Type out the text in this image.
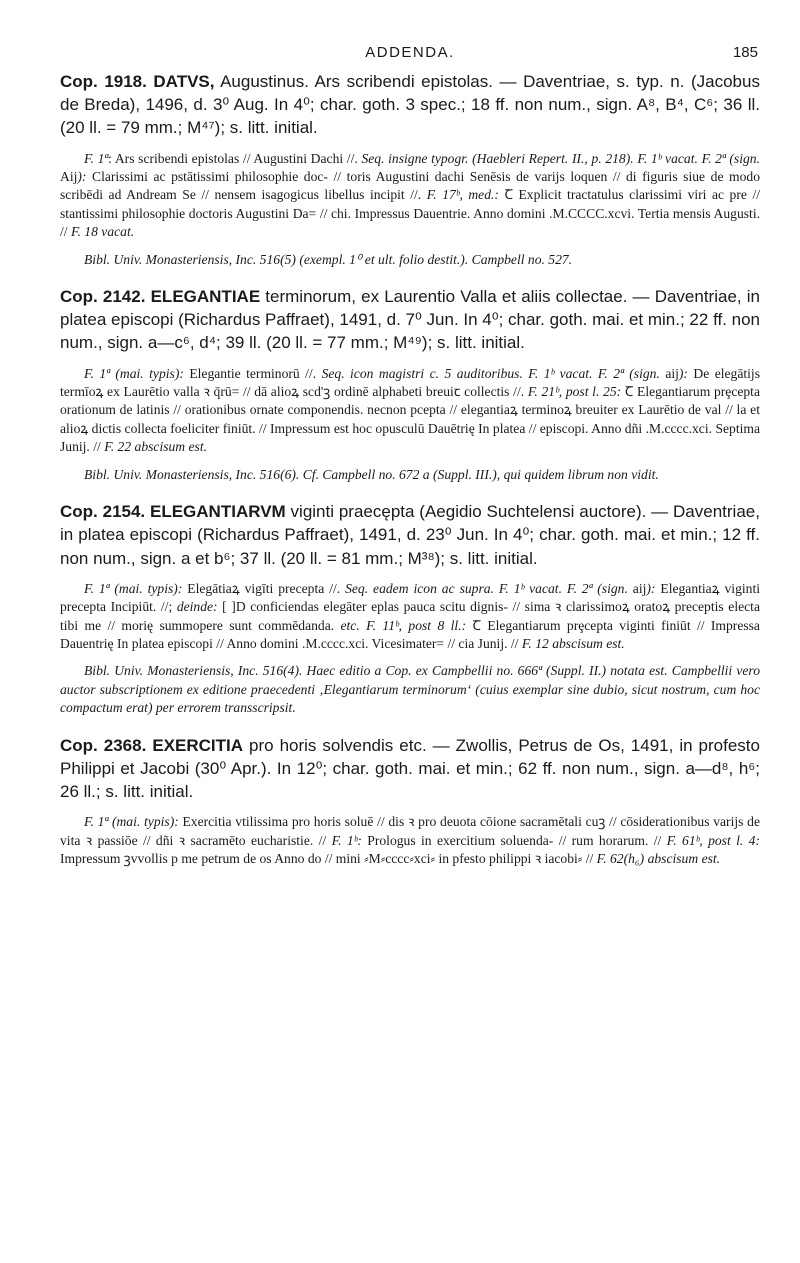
ADDENDA.	185

Cop. 1918. DATVS, Augustinus. Ars scribendi epistolas. — Daventriae, s. typ. n. (Jacobus de Breda), 1496, d. 3⁰ Aug. In 4⁰; char. goth. 3 spec.; 18 ff. non num., sign. A⁸, B⁴, C⁶; 36 ll. (20 ll. = 79 mm.; M⁴⁷); s. litt. initial.

F. 1ª: Ars scribendi epistolas // Augustini Dachi //. Seq. insigne typogr. (Haebleri Repert. II., p. 218). F. 1ᵇ vacat. F. 2ª (sign. Aij): Clarissimi ac pstātissimi philosophie doc- // toris Augustini dachi Senēsis de varijs loquen // di figuris siue de modo scribēdi ad Andream Se // nensem isagogicus libellus incipit //. F. 17ᵇ, med.: Ꞇ Explicit tractatulus clarissimi viri ac pre // stantissimi philosophie doctoris Augustini Da= // chi. Impressus Dauentrie. Anno domini .M.CCCC.xcvi. Tertia mensis Augusti. // F. 18 vacat.

Bibl. Univ. Monasteriensis, Inc. 516(5) (exempl. 1⁰ et ult. folio destit.). Campbell no. 527.

Cop. 2142. ELEGANTIAE terminorum, ex Laurentio Valla et aliis collectae. — Daventriae, in platea episcopi (Richardus Paffraet), 1491, d. 7⁰ Jun. In 4⁰; char. goth. mai. et min.; 22 ff. non num., sign. a—c⁶, d⁴; 39 ll. (20 ll. = 77 mm.; M⁴⁹); s. litt. initial.

F. 1ª (mai. typis): Elegantie terminorū //. Seq. icon magistri c. 5 auditoribus. F. 1ᵇ vacat. F. 2ª (sign. aij): De elegātijs termīoꝝ ex Laurētio valla ꝛ q̄rū= // dā alioꝝ scd'ꝫ ordinē alphabeti breuiꞇ collectis //. F. 21ᵇ, post l. 25: Ꞇ Elegantiarum prȩcepta orationum de latinis // orationibus ornate componendis. necnon pcepta // elegantiaꝝ terminoꝝ breuiter ex Laurētio de val // la et alioꝝ dictis collecta foeliciter finiūt. // Impressum est hoc opusculū Dauētrię In platea // episcopi. Anno dñi .M.cccc.xci. Septima Junij. // F. 22 abscisum est.

Bibl. Univ. Monasteriensis, Inc. 516(6). Cf. Campbell no. 672 a (Suppl. III.), qui quidem librum non vidit.

Cop. 2154. ELEGANTIARVM viginti praecępta (Aegidio Suchtelensi auctore). — Daventriae, in platea episcopi (Richardus Paffraet), 1491, d. 23⁰ Jun. In 4⁰; char. goth. mai. et min.; 12 ff. non num., sign. a et b⁶; 37 ll. (20 ll. = 81 mm.; M³⁸); s. litt. initial.

F. 1ª (mai. typis): Elegātiaꝝ vigīti precepta //. Seq. eadem icon ac supra. F. 1ᵇ vacat. F. 2ª (sign. aij): Elegantiaꝝ viginti precepta Incipiūt. //; deinde: [ ]D conficiendas elegāter eplas pauca scitu dignis- // sima ꝛ clarissimoꝝ oratoꝝ preceptis electa tibi me // morię summopere sunt commēdanda. etc. F. 11ᵇ, post 8 ll.: Ꞇ Elegantiarum prȩcepta viginti finiūt // Impressa Dauentrię In platea episcopi // Anno domini .M.cccc.xci. Vicesimater= // cia Junij. // F. 12 abscisum est.

Bibl. Univ. Monasteriensis, Inc. 516(4). Haec editio a Cop. ex Campbellii no. 666ª (Suppl. II.) notata est. Campbellii vero auctor subscriptionem ex editione praecedenti ‚Elegantiarum terminorum‘ (cuius exemplar sine dubio, sicut nostrum, cum hoc compactum erat) per errorem transscripsit.

Cop. 2368. EXERCITIA pro horis solvendis etc. — Zwollis, Petrus de Os, 1491, in profesto Philippi et Jacobi (30⁰ Apr.). In 12⁰; char. goth. mai. et min.; 62 ff. non num., sign. a—d⁸, h⁶; 26 ll.; s. litt. initial.

F. 1ª (mai. typis): Exercitia vtilissima pro horis soluē // dis ꝛ pro deuota cōione sacramētali cuꝫ // cōsiderationibus varijs de vita ꝛ passiōe // dñi ꝛ sacramēto eucharistie. // F. 1ᵇ: Prologus in exercitium soluenda- // rum horarum. // F. 61ᵇ, post l. 4: Impressum ꝫvvollis p me petrum de os Anno do // mini ⸗M⸗cccc⸗xci⸗ in pfesto philippi ꝛ iacobi⸗ // F. 62(h₆) abscisum est.
